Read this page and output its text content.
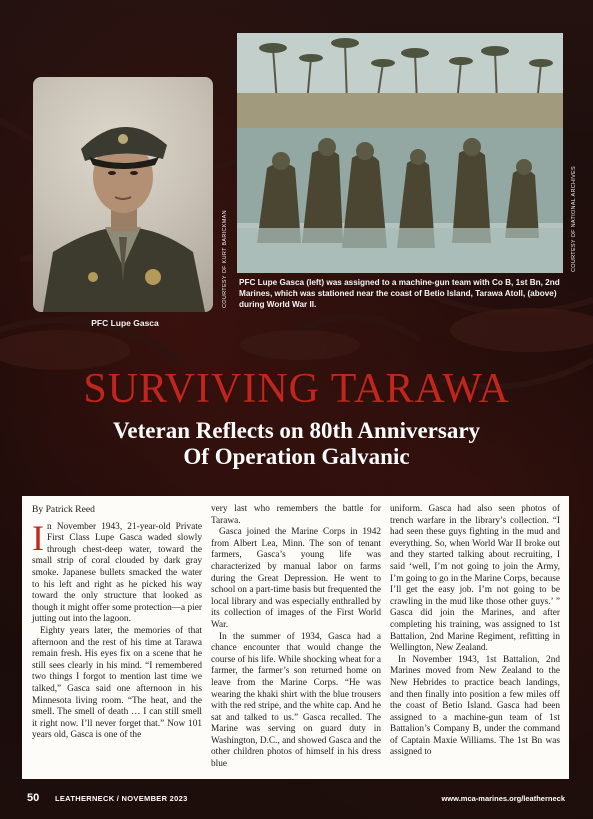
COURTESY OF KURT BARICKMAN
PFC Lupe Gasca
COURTESY OF NATIONAL ARCHIVES
PFC Lupe Gasca (left) was assigned to a machine-gun team with Co B, 1st Bn, 2nd Marines, which was stationed near the coast of Betio Island, Tarawa Atoll, (above) during World War II.
SURVIVING TARAWA
Veteran Reflects on 80th Anniversary
Of Operation Galvanic
By Patrick Reed

In November 1943, 21-year-old Private First Class Lupe Gasca waded slowly through chest-deep water, toward the small strip of coral clouded by dark gray smoke. Japanese bullets smacked the water to his left and right as he picked his way toward the only structure that looked as though it might offer some protection—a pier jutting out into the lagoon.

Eighty years later, the memories of that afternoon and the rest of his time at Tarawa remain fresh. His eyes fix on a scene that he still sees clearly in his mind. “I remembered two things I forgot to mention last time we talked,” Gasca said one afternoon in his Minnesota living room. “The heat, and the smell. The smell of death … I can still smell it right now. I’ll never forget that.” Now 101 years old, Gasca is one of the

very last who remembers the battle for Tarawa.

Gasca joined the Marine Corps in 1942 from Albert Lea, Minn. The son of tenant farmers, Gasca’s young life was characterized by manual labor on farms during the Great Depression. He went to school on a part-time basis but frequented the local library and was especially enthralled by its collection of images of the First World War.

In the summer of 1934, Gasca had a chance encounter that would change the course of his life. While shocking wheat for a farmer, the farmer’s son returned home on leave from the Marine Corps. “He was wearing the khaki shirt with the blue trousers with the red stripe, and the white cap. And he sat and talked to us.” Gasca recalled. The Marine was serving on guard duty in Washington, D.C., and showed Gasca and the other children photos of himself in his dress blue

uniform. Gasca had also seen photos of trench warfare in the library’s collection. “I had seen these guys fighting in the mud and everything. So, when World War II broke out and they started talking about recruiting, I said ‘well, I’m not going to join the Army, I’m going to go in the Marine Corps, because I’ll get the easy job. I’m not going to be crawling in the mud like those other guys.’ ” Gasca did join the Marines, and after completing his training, was assigned to 1st Battalion, 2nd Marine Regiment, refitting in Wellington, New Zealand.

In November 1943, 1st Battalion, 2nd Marines moved from New Zealand to the New Hebrides to practice beach landings, and then finally into position a few miles off the coast of Betio Island. Gasca had been assigned to a machine-gun team of 1st Battalion’s Company B, under the command of Captain Maxie Williams. The 1st Bn was assigned to

50 LEATHERNECK / NOVEMBER 2023	www.mca-marines.org/leatherneck
